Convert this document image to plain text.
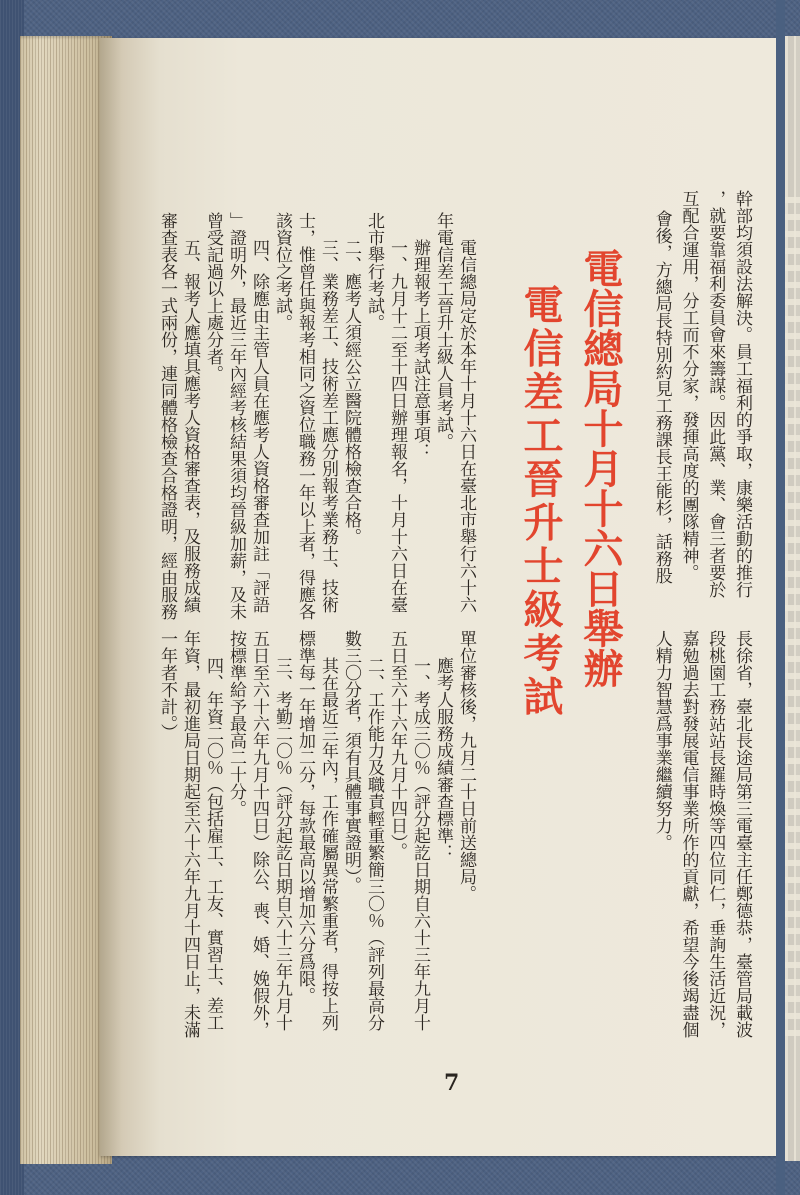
幹部均須設法解決。員工福利的爭取，康樂活動的推行
，就要靠福利委員會來籌謀。因此黨、業、會三者要於
互配合運用，分工而不分家，發揮高度的團隊精神。
會後，方總局長特別約見工務課長王能杉，話務股
長徐省，臺北長途局第三電臺主任鄭德恭，臺管局載波
段桃園工務站站長羅時煥等四位同仁，垂詢生活近況，
嘉勉過去對發展電信事業所作的貢獻，希望今後竭盡個
人精力智慧爲事業繼續努力。
電信總局十月十六日舉辦
電信差工晉升士級考試
電信總局定於本年十月十六日在臺北市舉行六十六
年電信差工晉升士級人員考試。
辦理報考上項考試注意事項：
一、九月十二至十四日辦理報名，十月十六日在臺
北市舉行考試。
二、應考人須經公立醫院體格檢查合格。
三、業務差工、技術差工應分別報考業務士、技術
士，惟曾任與報考相同之資位職務一年以上者，得應各
該資位之考試。
四、除應由主管人員在應考人資格審查加註「評語
」證明外，最近三年內經考核結果須均晉級加薪，及未
曾受記過以上處分者。
五、報考人應填具應考人資格審查表，及服務成績
審查表各一式兩份，連同體格檢查合格證明，經由服務
單位審核後，九月二十日前送總局。
應考人服務成績審查標準：
一、考成三〇％（評分起訖日期自六十三年九月十
五日至六十六年九月十四日）。
二、工作能力及職責輕重繁簡三〇％（評列最高分
數三〇分者，須有具體事實證明）。
其在最近三年內，工作確屬異常繁重者，得按上列
標準每一年增加二分，每款最高以增加六分爲限。
三、考勤二〇％（評分起訖日期自六十三年九月十
五日至六十六年九月十四日）除公、喪、婚、娩假外，
按標準給予最高二十分。
四、年資二〇％（包括雇工、工友、實習士、差工
年資，最初進局日期起至六十六年九月十四日止，未滿
一年者不計。）
7
